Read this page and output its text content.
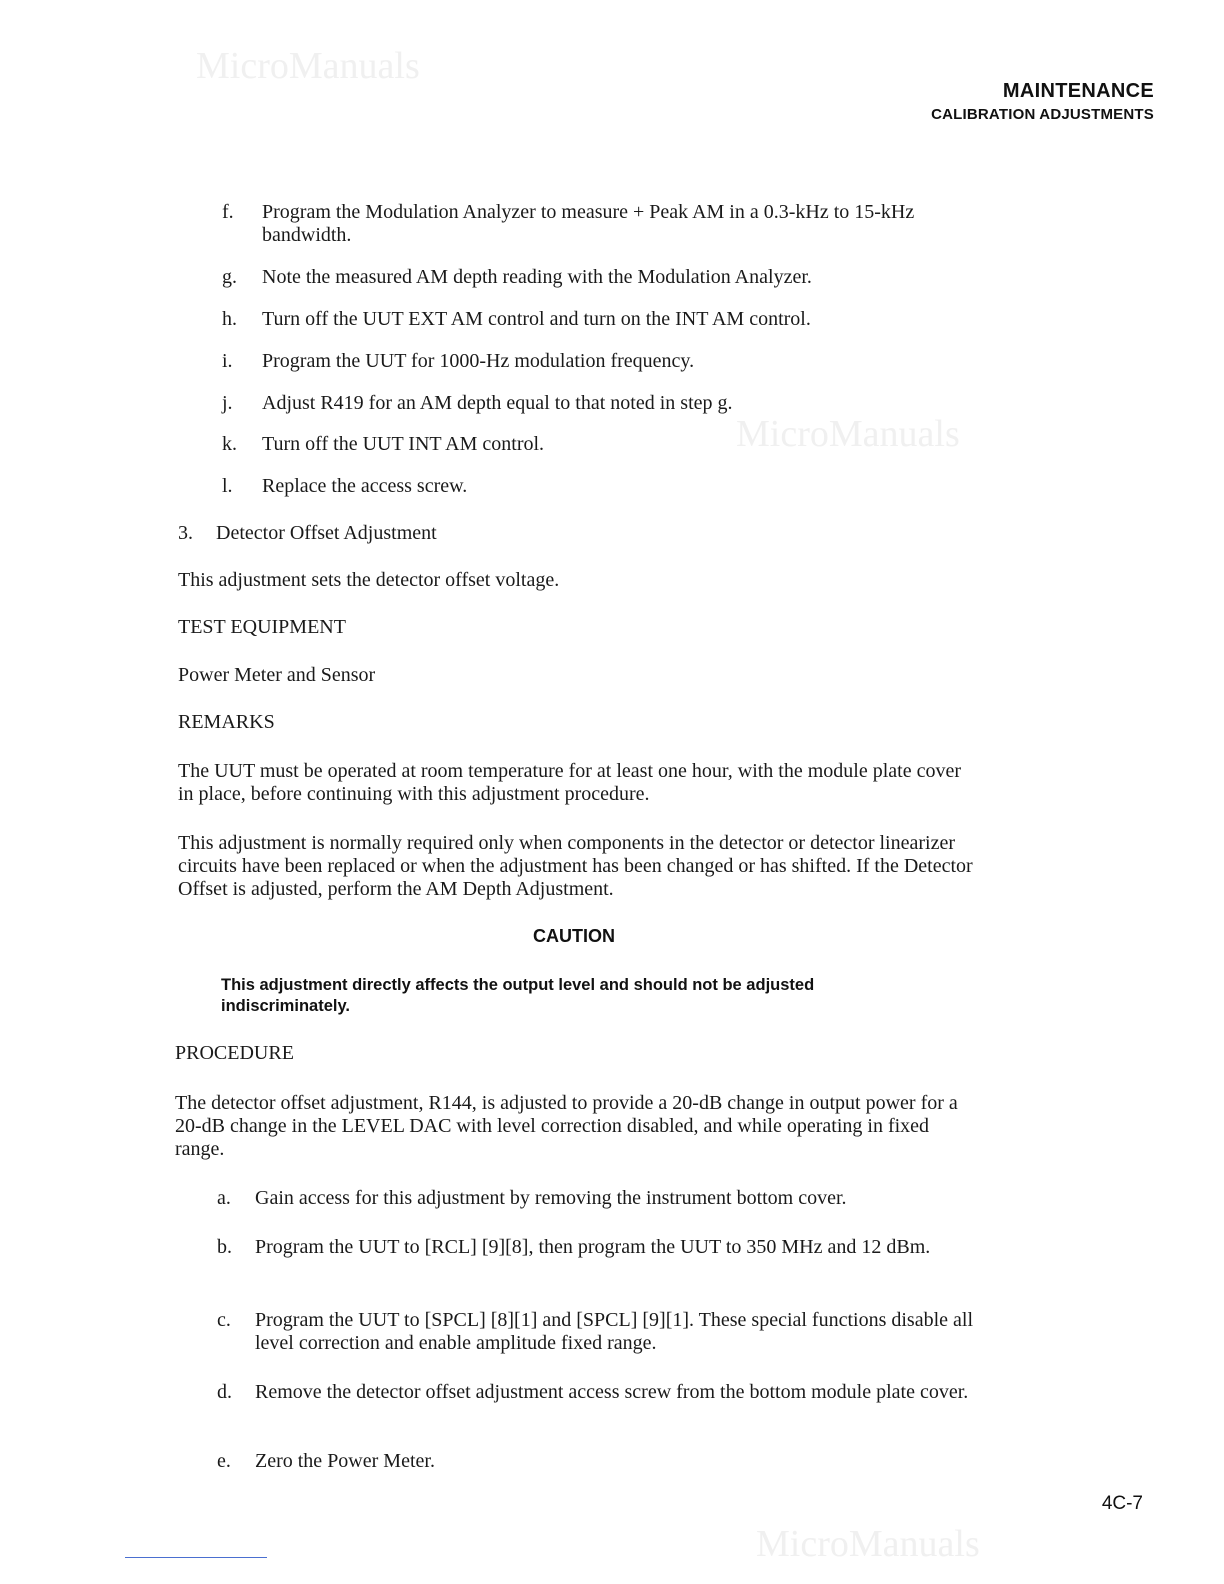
MicroManuals
MicroManuals
MicroManuals
MAINTENANCE
CALIBRATION ADJUSTMENTS
f.	Program the Modulation Analyzer to measure + Peak AM in a 0.3-kHz to 15-kHz bandwidth.
g.	Note the measured AM depth reading with the Modulation Analyzer.
h.	Turn off the UUT EXT AM control and turn on the INT AM control.
i.	Program the UUT for 1000-Hz modulation frequency.
j.	Adjust R419 for an AM depth equal to that noted in step g.
k.	Turn off the UUT INT AM control.
l.	Replace the access screw.
3. Detector Offset Adjustment
This adjustment sets the detector offset voltage.
TEST EQUIPMENT
Power Meter and Sensor
REMARKS
The UUT must be operated at room temperature for at least one hour, with the module plate cover in place, before continuing with this adjustment procedure.
This adjustment is normally required only when components in the detector or detector linearizer circuits have been replaced or when the adjustment has been changed or has shifted. If the Detector Offset is adjusted, perform the AM Depth Adjustment.
CAUTION
This adjustment directly affects the output level and should not be adjusted indiscriminately.
PROCEDURE
The detector offset adjustment, R144, is adjusted to provide a 20-dB change in output power for a 20-dB change in the LEVEL DAC with level correction disabled, and while operating in fixed range.
a.	Gain access for this adjustment by removing the instrument bottom cover.
b.	Program the UUT to [RCL] [9][8], then program the UUT to 350 MHz and 12 dBm.
c.	Program the UUT to [SPCL] [8][1] and [SPCL] [9][1]. These special functions disable all level correction and enable amplitude fixed range.
d.	Remove the detector offset adjustment access screw from the bottom module plate cover.
e.	Zero the Power Meter.
4C-7
